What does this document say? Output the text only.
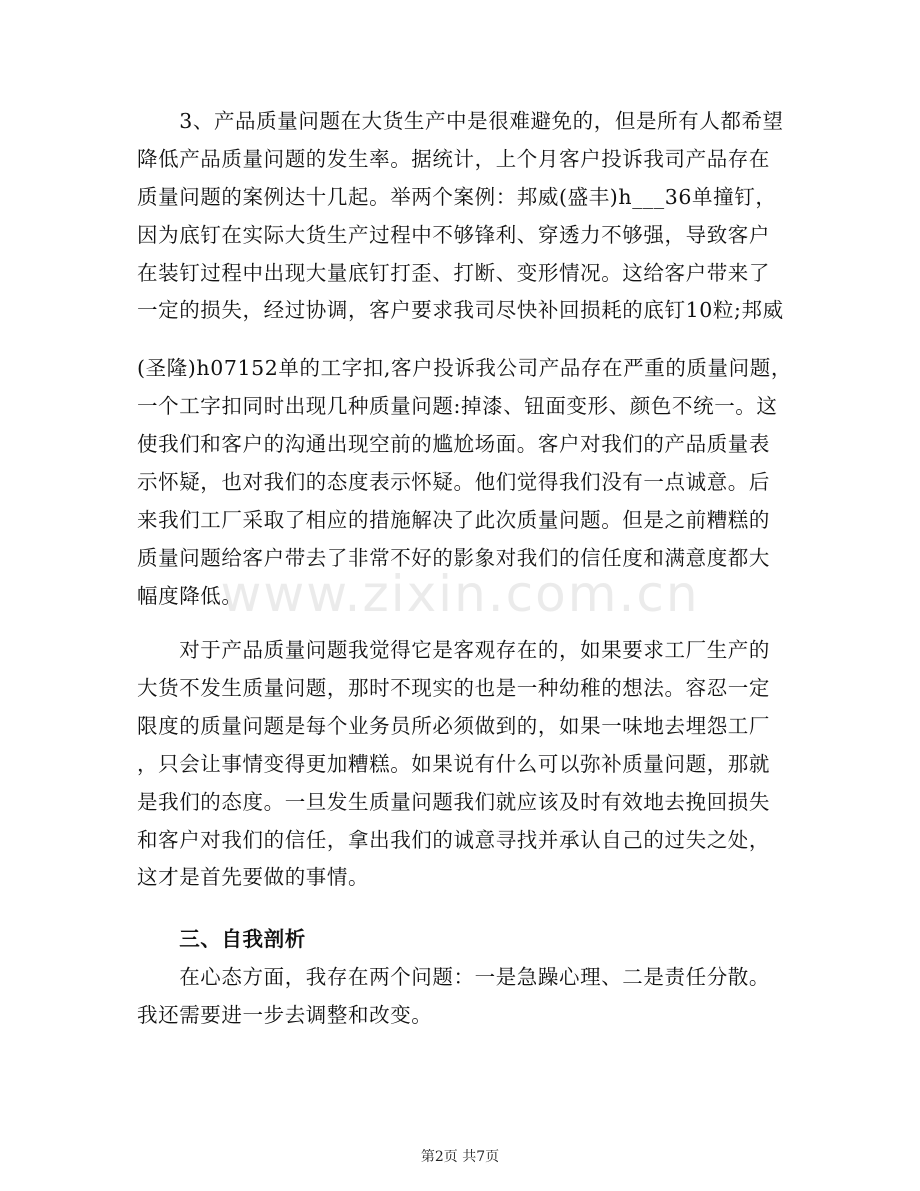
www.zixin.com.cn
　　3、产品质量问题在大货生产中是很难避免的，但是所有人都希望
降低产品质量问题的发生率。据统计，上个月客户投诉我司产品存在
质量问题的案例达十几起。举两个案例：邦威(盛丰)h___36单撞钉，
因为底钉在实际大货生产过程中不够锋利、穿透力不够强，导致客户
在装钉过程中出现大量底钉打歪、打断、变形情况。这给客户带来了
一定的损失，经过协调，客户要求我司尽快补回损耗的底钉10粒;邦威
(圣隆)h07152单的工字扣,客户投诉我公司产品存在严重的质量问题，
一个工字扣同时出现几种质量问题:掉漆、钮面变形、颜色不统一。这
使我们和客户的沟通出现空前的尴尬场面。客户对我们的产品质量表
示怀疑，也对我们的态度表示怀疑。他们觉得我们没有一点诚意。后
来我们工厂采取了相应的措施解决了此次质量问题。但是之前糟糕的
质量问题给客户带去了非常不好的影象对我们的信任度和满意度都大
幅度降低。
　　对于产品质量问题我觉得它是客观存在的，如果要求工厂生产的
大货不发生质量问题，那时不现实的也是一种幼稚的想法。容忍一定
限度的质量问题是每个业务员所必须做到的，如果一味地去埋怨工厂
，只会让事情变得更加糟糕。如果说有什么可以弥补质量问题，那就
是我们的态度。一旦发生质量问题我们就应该及时有效地去挽回损失
和客户对我们的信任，拿出我们的诚意寻找并承认自己的过失之处，
这才是首先要做的事情。
　　三、自我剖析
　　在心态方面，我存在两个问题：一是急躁心理、二是责任分散。
我还需要进一步去调整和改变。
第2页 共7页
